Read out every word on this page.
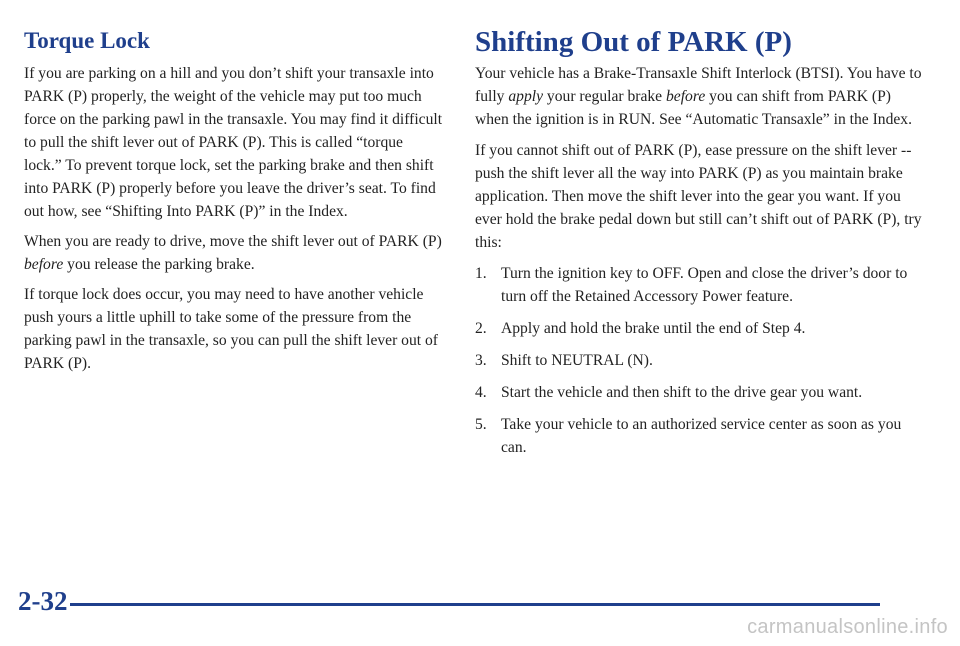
Torque Lock

If you are parking on a hill and you don’t shift your transaxle into PARK (P) properly, the weight of the vehicle may put too much force on the parking pawl in the transaxle. You may find it difficult to pull the shift lever out of PARK (P). This is called “torque lock.” To prevent torque lock, set the parking brake and then shift into PARK (P) properly before you leave the driver’s seat. To find out how, see “Shifting Into PARK (P)” in the Index.

When you are ready to drive, move the shift lever out of PARK (P) before you release the parking brake.

If torque lock does occur, you may need to have another vehicle push yours a little uphill to take some of the pressure from the parking pawl in the transaxle, so you can pull the shift lever out of PARK (P).

Shifting Out of PARK (P)

Your vehicle has a Brake-Transaxle Shift Interlock (BTSI). You have to fully apply your regular brake before you can shift from PARK (P) when the ignition is in RUN. See “Automatic Transaxle” in the Index.

If you cannot shift out of PARK (P), ease pressure on the shift lever -- push the shift lever all the way into PARK (P) as you maintain brake application. Then move the shift lever into the gear you want. If you ever hold the brake pedal down but still can’t shift out of PARK (P), try this:

1. Turn the ignition key to OFF. Open and close the driver’s door to turn off the Retained Accessory Power feature.
2. Apply and hold the brake until the end of Step 4.
3. Shift to NEUTRAL (N).
4. Start the vehicle and then shift to the drive gear you want.
5. Take your vehicle to an authorized service center as soon as you can.
2-32
carmanualsonline.info
